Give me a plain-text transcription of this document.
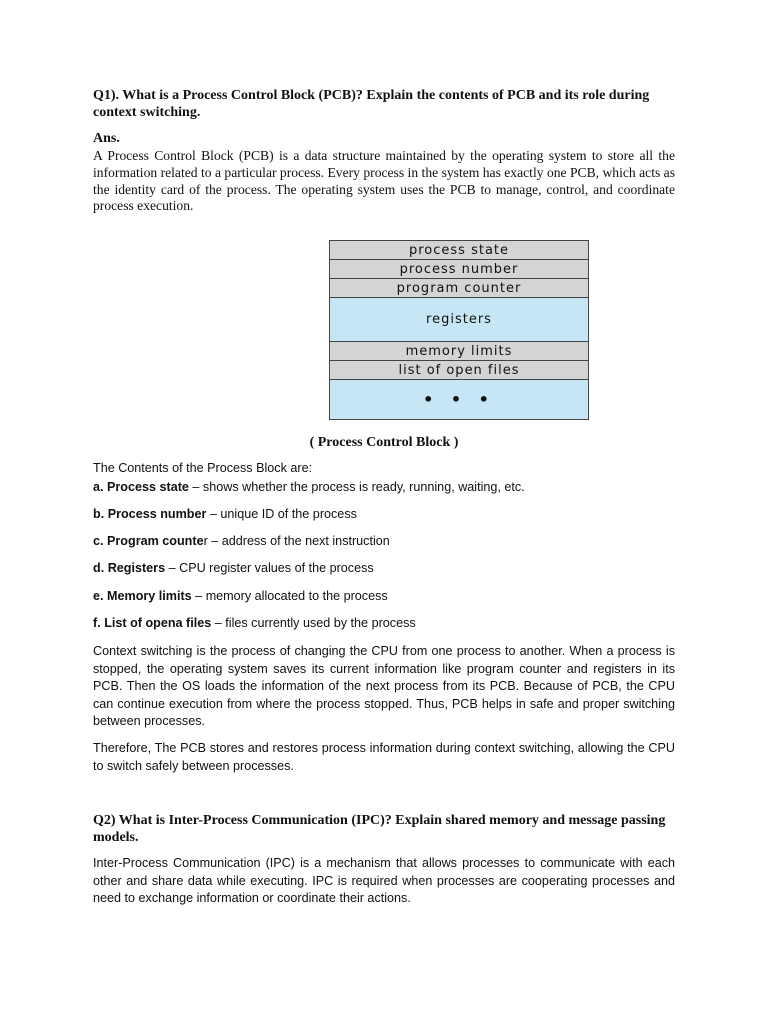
Q1). What is a Process Control Block (PCB)? Explain the contents of PCB and its role during context switching.
Ans.
A Process Control Block (PCB) is a data structure maintained by the operating system to store all the information related to a particular process. Every process in the system has exactly one PCB, which acts as the identity card of the process. The operating system uses the PCB to manage, control, and coordinate process execution.
process state
process number
program counter
registers
memory limits
list of open files
• • •
( Process Control Block )
The Contents of the Process Block are:
a. Process state – shows whether the process is ready, running, waiting, etc.
b. Process number – unique ID of the process
c. Program counter – address of the next instruction
d. Registers – CPU register values of the process
e. Memory limits – memory allocated to the process
f. List of opena files – files currently used by the process
Context switching is the process of changing the CPU from one process to another. When a process is stopped, the operating system saves its current information like program counter and registers in its PCB. Then the OS loads the information of the next process from its PCB. Because of PCB, the CPU can continue execution from where the process stopped. Thus, PCB helps in safe and proper switching between processes.
Therefore, The PCB stores and restores process information during context switching, allowing the CPU to switch safely between processes.
Q2) What is Inter-Process Communication (IPC)? Explain shared memory and message passing models.
Inter-Process Communication (IPC) is a mechanism that allows processes to communicate with each other and share data while executing. IPC is required when processes are cooperating processes and need to exchange information or coordinate their actions.
